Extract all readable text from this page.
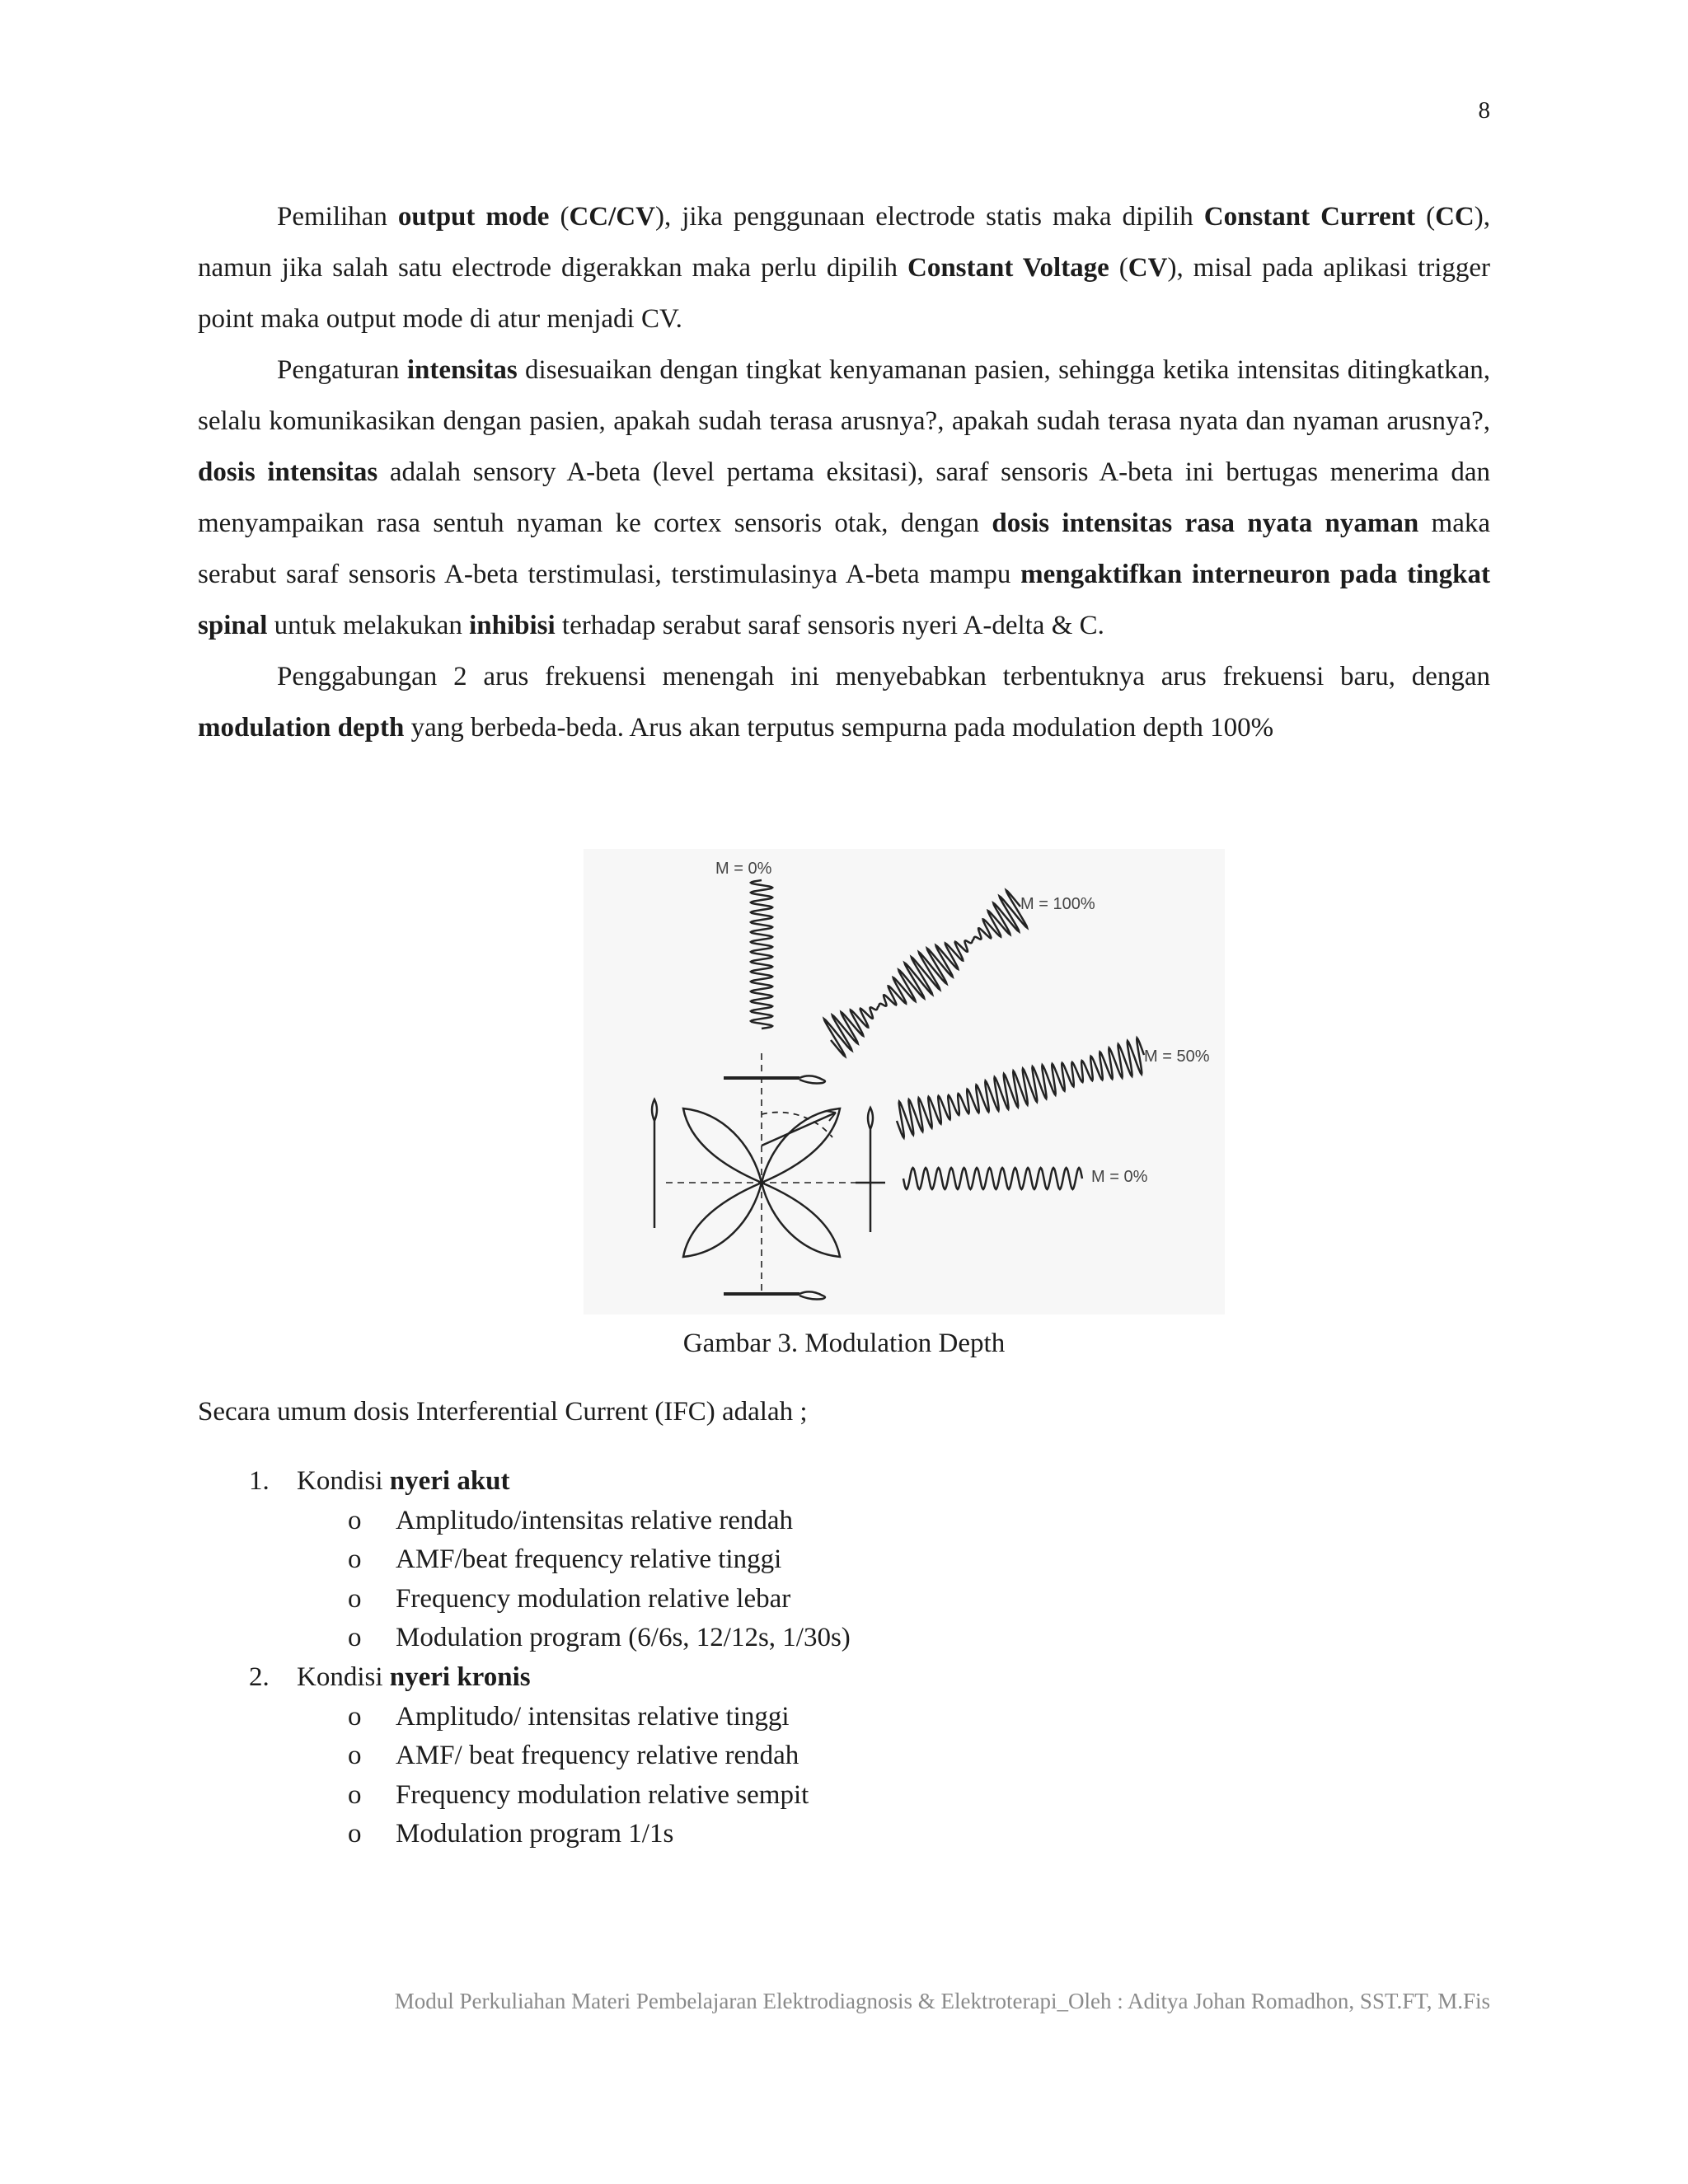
8

Pemilihan output mode (CC/CV), jika penggunaan electrode statis maka dipilih Constant Current (CC), namun jika salah satu electrode digerakkan maka perlu dipilih Constant Voltage (CV), misal pada aplikasi trigger point maka output mode di atur menjadi CV.

Pengaturan intensitas disesuaikan dengan tingkat kenyamanan pasien, sehingga ketika intensitas ditingkatkan, selalu komunikasikan dengan pasien, apakah sudah terasa arusnya?, apakah sudah terasa nyata dan nyaman arusnya?, dosis intensitas adalah sensory A-beta (level pertama eksitasi), saraf sensoris A-beta ini bertugas menerima dan menyampaikan rasa sentuh nyaman ke cortex sensoris otak, dengan dosis intensitas rasa nyata nyaman maka serabut saraf sensoris A-beta terstimulasi, terstimulasinya A-beta mampu mengaktifkan interneuron pada tingkat spinal untuk melakukan inhibisi terhadap serabut saraf sensoris nyeri A-delta & C.

Penggabungan 2 arus frekuensi menengah ini menyebabkan terbentuknya arus frekuensi baru, dengan modulation depth yang berbeda-beda. Arus akan terputus sempurna pada modulation depth 100%

M = 0%
M = 100%
M = 50%
M = 0%
Gambar 3. Modulation Depth
Secara umum dosis Interferential Current (IFC) adalah ;
1.	Kondisi nyeri akut
o Amplitudo/intensitas relative rendah
o AMF/beat frequency relative tinggi
o Frequency modulation relative lebar
o Modulation program (6/6s, 12/12s, 1/30s)
2.	Kondisi nyeri kronis
o Amplitudo/ intensitas relative tinggi
o AMF/ beat frequency relative rendah
o Frequency modulation relative sempit
o Modulation program 1/1s
Modul Perkuliahan Materi Pembelajaran Elektrodiagnosis & Elektroterapi_Oleh : Aditya Johan Romadhon, SST.FT, M.Fis
